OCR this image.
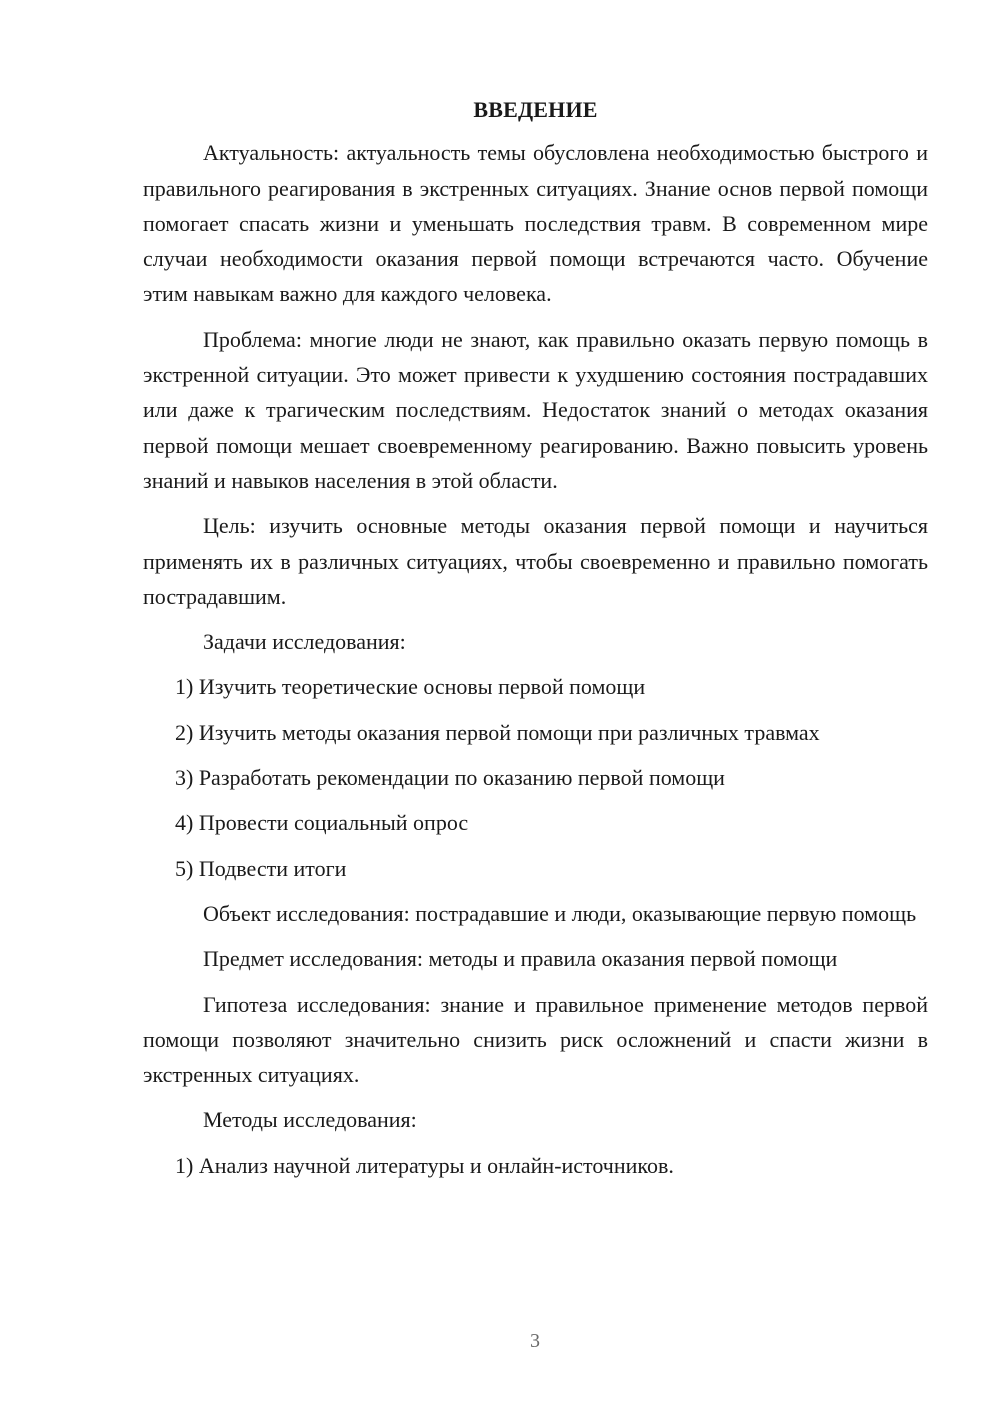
ВВЕДЕНИЕ

Актуальность: актуальность темы обусловлена необходимостью быстрого и правильного реагирования в экстренных ситуациях. Знание основ первой помощи помогает спасать жизни и уменьшать последствия травм. В современном мире случаи необходимости оказания первой помощи встречаются часто. Обучение этим навыкам важно для каждого человека.

Проблема: многие люди не знают, как правильно оказать первую помощь в экстренной ситуации. Это может привести к ухудшению состояния пострадавших или даже к трагическим последствиям. Недостаток знаний о методах оказания первой помощи мешает своевременному реагированию. Важно повысить уровень знаний и навыков населения в этой области.

Цель: изучить основные методы оказания первой помощи и научиться применять их в различных ситуациях, чтобы своевременно и правильно помогать пострадавшим.

Задачи исследования:

1) Изучить теоретические основы первой помощи

2) Изучить методы оказания первой помощи при различных травмах

3) Разработать рекомендации по оказанию первой помощи

4) Провести социальный опрос

5) Подвести итоги

Объект исследования: пострадавшие и люди, оказывающие первую помощь

Предмет исследования: методы и правила оказания первой помощи

Гипотеза исследования: знание и правильное применение методов первой помощи позволяют значительно снизить риск осложнений и спасти жизни в экстренных ситуациях.

Методы исследования:

1) Анализ научной литературы и онлайн-источников.

3
